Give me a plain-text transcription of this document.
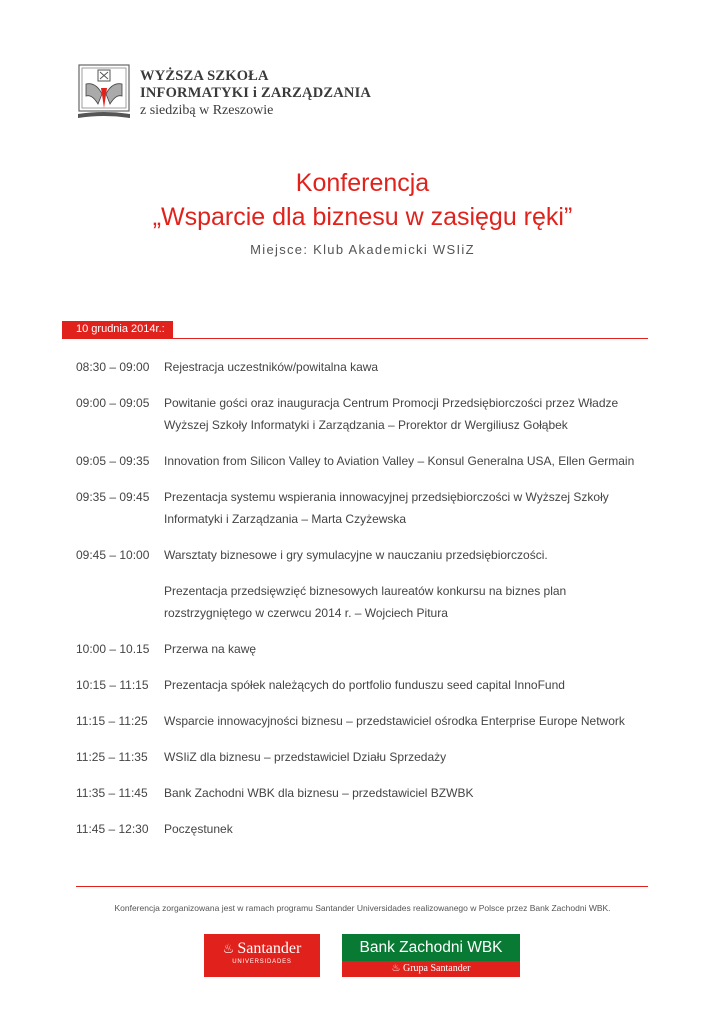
WYŻSZA SZKOŁA
INFORMATYKI i ZARZĄDZANIA
z siedzibą w Rzeszowie
Konferencja
„Wsparcie dla biznesu w zasięgu ręki”
Miejsce: Klub Akademicki WSIiZ
10 grudnia 2014r.:
08:30 – 09:00	Rejestracja uczestników/powitalna kawa
09:00 – 09:05	Powitanie gości oraz inauguracja Centrum Promocji Przedsiębiorczości przez Władze Wyższej Szkoły Informatyki i Zarządzania – Prorektor dr Wergiliusz Gołąbek
09:05 – 09:35	Innovation from Silicon Valley to Aviation Valley – Konsul Generalna USA, Ellen Germain
09:35 – 09:45	Prezentacja systemu wspierania innowacyjnej przedsiębiorczości w Wyższej Szkoły Informatyki i Zarządzania – Marta Czyżewska
09:45 – 10:00	Warsztaty biznesowe i gry symulacyjne w nauczaniu przedsiębiorczości.
Prezentacja przedsięwzięć biznesowych laureatów konkursu na biznes plan rozstrzygniętego w czerwcu 2014 r. – Wojciech Pitura
10:00 – 10.15	Przerwa na kawę
10:15 – 11:15	Prezentacja spółek należących do portfolio funduszu seed capital InnoFund
11:15 – 11:25	Wsparcie innowacyjności biznesu – przedstawiciel ośrodka Enterprise Europe Network
11:25 – 11:35	WSIiZ dla biznesu – przedstawiciel Działu Sprzedaży
11:35 – 11:45	Bank Zachodni WBK dla biznesu – przedstawiciel BZWBK
11:45 – 12:30	Poczęstunek
Konferencja zorganizowana jest w ramach programu Santander Universidades realizowanego w Polsce przez Bank Zachodni WBK.
♨ Santander
UNIVERSIDADES
Bank Zachodni WBK
♨ Grupa Santander
